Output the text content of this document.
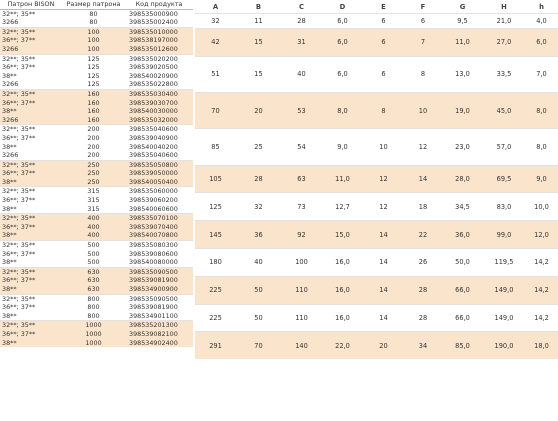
Патрон BISON	Размер патрона	Код продукта
32**; 35**	80	398535000900
3266	80	398535002400
32**; 35**	100	398535010000
36**; 37**	100	398538197000
3266	100	398535012600
32**; 35**	125	398535020200
36**; 37**	125	398539020500
38**	125	398540020900
3266	125	398535022800
32**; 35**	160	398535030400
36**; 37**	160	398539030700
38**	160	398540030000
3266	160	398535032000
32**; 35**	200	398535040600
36**; 37**	200	398539040900
38**	200	398540040200
3266	200	398535040600
32**; 35**	250	398535050800
36**; 37**	250	398539050000
38**	250	398540050400
32**; 35**	315	398535060000
36**; 37**	315	398539060200
38**	315	398540060600
32**; 35**	400	398535070100
36**; 37**	400	398539070400
38**	400	398540070800
32**; 35**	500	398535080300
36**; 37**	500	398539080600
38**	500	398540080000
32**; 35**	630	398535090500
36**; 37**	630	398539081900
38**	630	398534900900
32**; 35**	800	398535090500
36**; 37**	800	398539081900
38**	800	398534901100
32**; 35**	1000	398535201300
36**; 37**	1000	398539082100
38**	1000	398534902400
A	B	C	D	E	F	G	H	h
32	11	28	6,0	6	6	9,5	21,0	4,0
42	15	31	6,0	6	7	11,0	27,0	6,0
51	15	40	6,0	6	8	13,0	33,5	7,0
70	20	53	8,0	8	10	19,0	45,0	8,0
85	25	54	9,0	10	12	23,0	57,0	8,0
105	28	63	11,0	12	14	28,0	69,5	9,0
125	32	73	12,7	12	18	34,5	83,0	10,0
145	36	92	15,0	14	22	36,0	99,0	12,0
180	40	100	16,0	14	26	50,0	119,5	14,2
225	50	110	16,0	14	28	66,0	149,0	14,2
225	50	110	16,0	14	28	66,0	149,0	14,2
291	70	140	22,0	20	34	85,0	190,0	18,0
